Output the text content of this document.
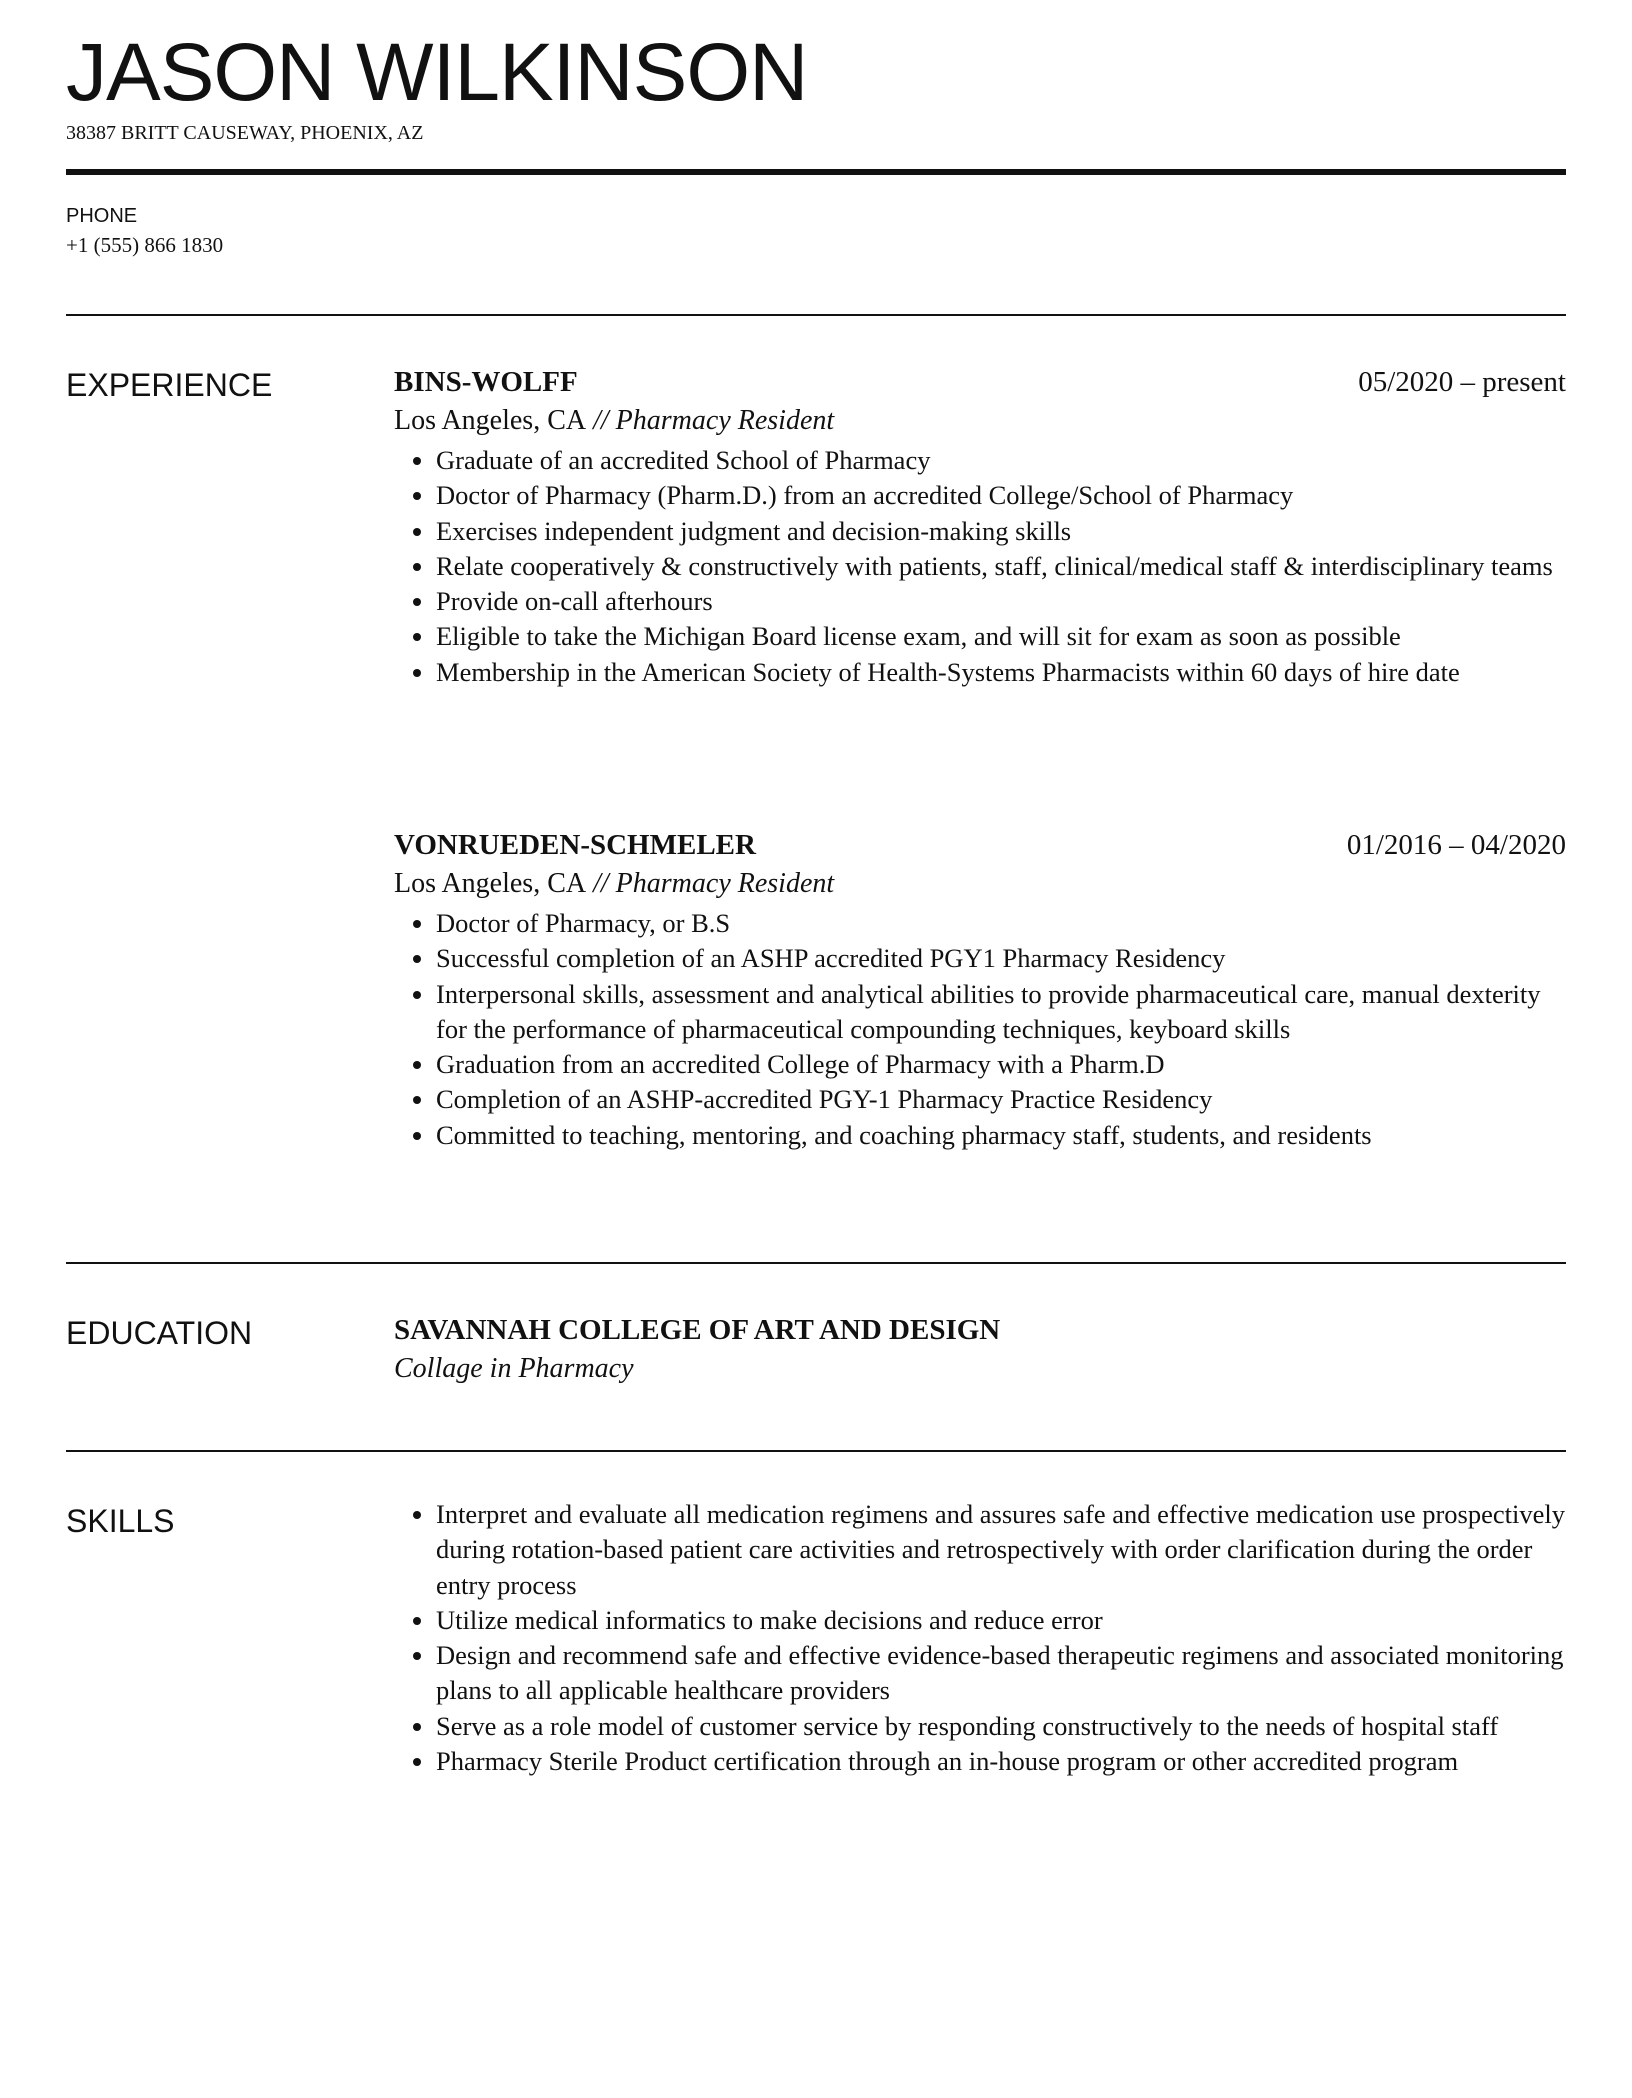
JASON WILKINSON
38387 BRITT CAUSEWAY, PHOENIX, AZ
PHONE
+1 (555) 866 1830
EXPERIENCE	BINS-WOLFF	05/2020 – present
Los Angeles, CA // Pharmacy Resident
• Graduate of an accredited School of Pharmacy
• Doctor of Pharmacy (Pharm.D.) from an accredited College/School of Pharmacy
• Exercises independent judgment and decision-making skills
• Relate cooperatively & constructively with patients, staff, clinical/medical staff & interdisciplinary teams
• Provide on-call afterhours
• Eligible to take the Michigan Board license exam, and will sit for exam as soon as possible
• Membership in the American Society of Health-Systems Pharmacists within 60 days of hire date
VONRUEDEN-SCHMELER	01/2016 – 04/2020
Los Angeles, CA // Pharmacy Resident
• Doctor of Pharmacy, or B.S
• Successful completion of an ASHP accredited PGY1 Pharmacy Residency
• Interpersonal skills, assessment and analytical abilities to provide pharmaceutical care, manual dexterity for the performance of pharmaceutical compounding techniques, keyboard skills
• Graduation from an accredited College of Pharmacy with a Pharm.D
• Completion of an ASHP-accredited PGY-1 Pharmacy Practice Residency
• Committed to teaching, mentoring, and coaching pharmacy staff, students, and residents
EDUCATION	SAVANNAH COLLEGE OF ART AND DESIGN
Collage in Pharmacy
SKILLS
•	Interpret and evaluate all medication regimens and assures safe and effective medication use prospectively during rotation-based patient care activities and retrospectively with order clarification during the order entry process
• Utilize medical informatics to make decisions and reduce error
• Design and recommend safe and effective evidence-based therapeutic regimens and associated monitoring plans to all applicable healthcare providers
• Serve as a role model of customer service by responding constructively to the needs of hospital staff
• Pharmacy Sterile Product certification through an in-house program or other accredited program
